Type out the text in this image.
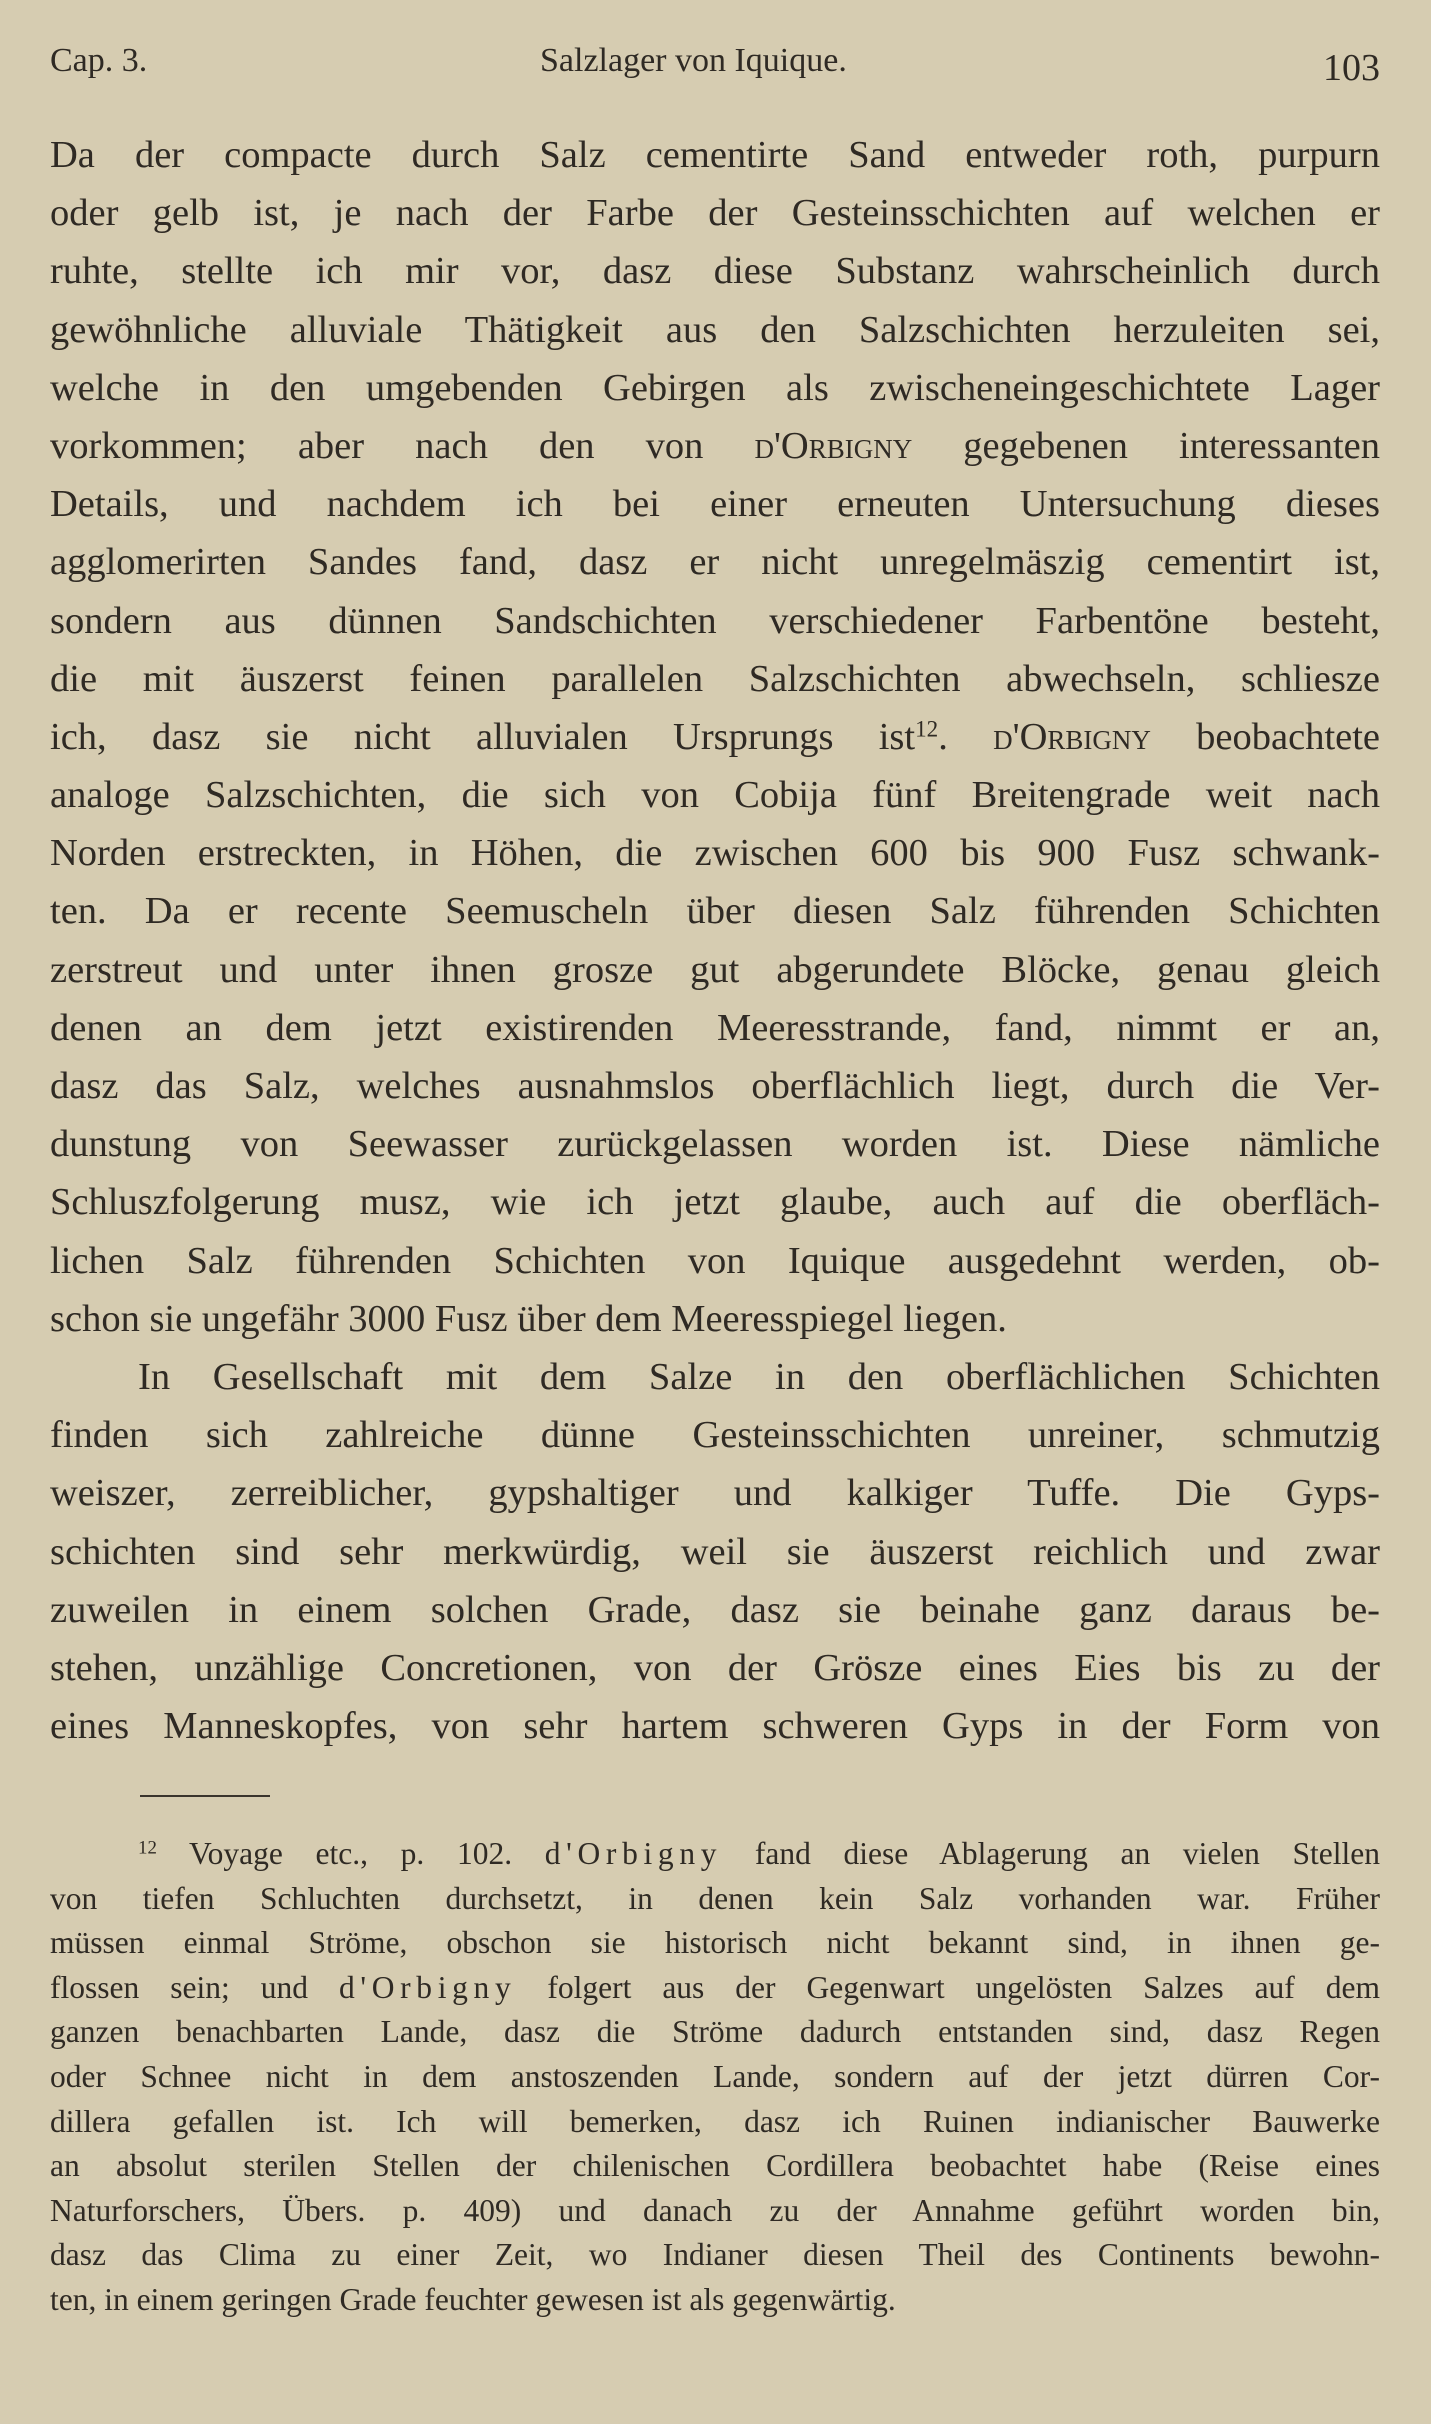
Cap. 3.	Salzlager von Iquique.	103
Da der compacte durch Salz cementirte Sand entweder roth, purpurn
oder gelb ist, je nach der Farbe der Gesteinsschichten auf welchen er
ruhte, stellte ich mir vor, dasz diese Substanz wahrscheinlich durch
gewöhnliche alluviale Thätigkeit aus den Salzschichten herzuleiten sei,
welche in den umgebenden Gebirgen als zwischeneingeschichtete Lager
vorkommen; aber nach den von d'Orbigny gegebenen interessanten
Details, und nachdem ich bei einer erneuten Untersuchung dieses
agglomerirten Sandes fand, dasz er nicht unregelmäszig cementirt ist,
sondern aus dünnen Sandschichten verschiedener Farbentöne besteht,
die mit äuszerst feinen parallelen Salzschichten abwechseln, schliesze
ich, dasz sie nicht alluvialen Ursprungs ist$^{12}$. d'Orbigny beobachtete
analoge Salzschichten, die sich von Cobija fünf Breitengrade weit nach
Norden erstreckten, in Höhen, die zwischen 600 bis 900 Fusz schwank-
ten. Da er recente Seemuscheln über diesen Salz führenden Schichten
zerstreut und unter ihnen grosze gut abgerundete Blöcke, genau gleich
denen an dem jetzt existirenden Meeresstrande, fand, nimmt er an,
dasz das Salz, welches ausnahmslos oberflächlich liegt, durch die Ver-
dunstung von Seewasser zurückgelassen worden ist. Diese nämliche
Schluszfolgerung musz, wie ich jetzt glaube, auch auf die oberfläch-
lichen Salz führenden Schichten von Iquique ausgedehnt werden, ob-
schon sie ungefähr 3000 Fusz über dem Meeresspiegel liegen.
In Gesellschaft mit dem Salze in den oberflächlichen Schichten
finden sich zahlreiche dünne Gesteinsschichten unreiner, schmutzig
weiszer, zerreiblicher, gypshaltiger und kalkiger Tuffe. Die Gyps-
schichten sind sehr merkwürdig, weil sie äuszerst reichlich und zwar
zuweilen in einem solchen Grade, dasz sie beinahe ganz daraus be-
stehen, unzählige Concretionen, von der Grösze eines Eies bis zu der
eines Manneskopfes, von sehr hartem schweren Gyps in der Form von
$^{12}$ Voyage etc., p. 102. d'Orbigny fand diese Ablagerung an vielen Stellen
von tiefen Schluchten durchsetzt, in denen kein Salz vorhanden war. Früher
müssen einmal Ströme, obschon sie historisch nicht bekannt sind, in ihnen ge-
flossen sein; und d'Orbigny folgert aus der Gegenwart ungelösten Salzes auf dem
ganzen benachbarten Lande, dasz die Ströme dadurch entstanden sind, dasz Regen
oder Schnee nicht in dem anstoszenden Lande, sondern auf der jetzt dürren Cor-
dillera gefallen ist. Ich will bemerken, dasz ich Ruinen indianischer Bauwerke
an absolut sterilen Stellen der chilenischen Cordillera beobachtet habe (Reise eines
Naturforschers, Übers. p. 409) und danach zu der Annahme geführt worden bin,
dasz das Clima zu einer Zeit, wo Indianer diesen Theil des Continents bewohn-
ten, in einem geringen Grade feuchter gewesen ist als gegenwärtig.
